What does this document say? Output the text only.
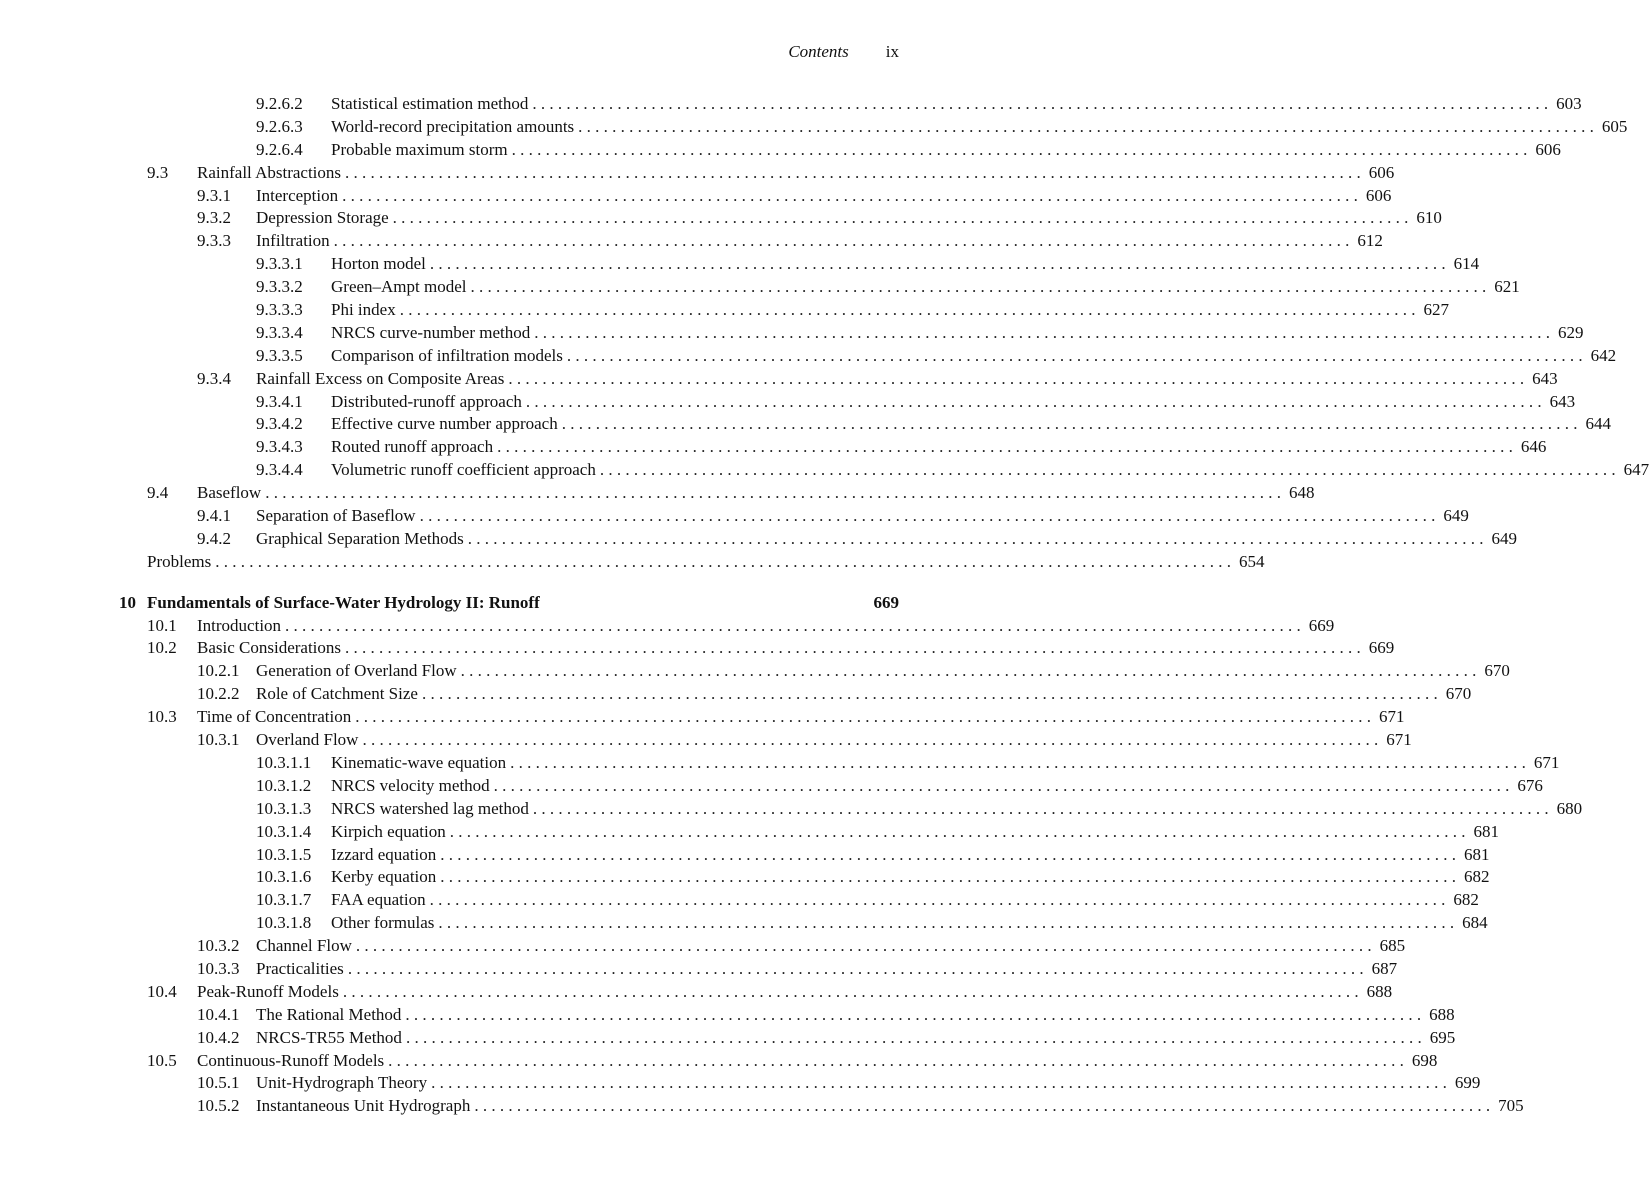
Contents ix
9.2.6.2 Statistical estimation method . . . . . . . . . . . . . . . . . . . . . . . . . . . . . . . . . . . . . . . . . . . . . . . . . . . . . . . . . . . . . . . . . . . . . . . . . . . . . . . . . . . . . . . . . . . . . . . . . . . . . . . . . . . . . . . . . . . . . . . . 603
9.2.6.3 World-record precipitation amounts . . . . . . . . . . . . . . . . . . . . . . . . . . . . . . . . . . . . . . . . . . . . . . . . . . . . . . . . . . . . . . . . . . . . . . . . . . . . . . . . . . . . . . . . . . . . . . . . . . . . . . . . . . . . . . . . . . . . . . . . 605
9.2.6.4 Probable maximum storm . . . . . . . . . . . . . . . . . . . . . . . . . . . . . . . . . . . . . . . . . . . . . . . . . . . . . . . . . . . . . . . . . . . . . . . . . . . . . . . . . . . . . . . . . . . . . . . . . . . . . . . . . . . . . . . . . . . . . . . . 606
9.3 Rainfall Abstractions . . . . . . . . . . . . . . . . . . . . . . . . . . . . . . . . . . . . . . . . . . . . . . . . . . . . . . . . . . . . . . . . . . . . . . . . . . . . . . . . . . . . . . . . . . . . . . . . . . . . . . . . . . . . . . . . . . . . . . . . 606
9.3.1 Interception . . . . . . . . . . . . . . . . . . . . . . . . . . . . . . . . . . . . . . . . . . . . . . . . . . . . . . . . . . . . . . . . . . . . . . . . . . . . . . . . . . . . . . . . . . . . . . . . . . . . . . . . . . . . . . . . . . . . . . . . 606
9.3.2 Depression Storage . . . . . . . . . . . . . . . . . . . . . . . . . . . . . . . . . . . . . . . . . . . . . . . . . . . . . . . . . . . . . . . . . . . . . . . . . . . . . . . . . . . . . . . . . . . . . . . . . . . . . . . . . . . . . . . . . . . . . . . . 610
9.3.3 Infiltration . . . . . . . . . . . . . . . . . . . . . . . . . . . . . . . . . . . . . . . . . . . . . . . . . . . . . . . . . . . . . . . . . . . . . . . . . . . . . . . . . . . . . . . . . . . . . . . . . . . . . . . . . . . . . . . . . . . . . . . . 612
9.3.3.1 Horton model . . . . . . . . . . . . . . . . . . . . . . . . . . . . . . . . . . . . . . . . . . . . . . . . . . . . . . . . . . . . . . . . . . . . . . . . . . . . . . . . . . . . . . . . . . . . . . . . . . . . . . . . . . . . . . . . . . . . . . . . 614
9.3.3.2 Green–Ampt model . . . . . . . . . . . . . . . . . . . . . . . . . . . . . . . . . . . . . . . . . . . . . . . . . . . . . . . . . . . . . . . . . . . . . . . . . . . . . . . . . . . . . . . . . . . . . . . . . . . . . . . . . . . . . . . . . . . . . . . . 621
9.3.3.3 Phi index . . . . . . . . . . . . . . . . . . . . . . . . . . . . . . . . . . . . . . . . . . . . . . . . . . . . . . . . . . . . . . . . . . . . . . . . . . . . . . . . . . . . . . . . . . . . . . . . . . . . . . . . . . . . . . . . . . . . . . . . 627
9.3.3.4 NRCS curve-number method . . . . . . . . . . . . . . . . . . . . . . . . . . . . . . . . . . . . . . . . . . . . . . . . . . . . . . . . . . . . . . . . . . . . . . . . . . . . . . . . . . . . . . . . . . . . . . . . . . . . . . . . . . . . . . . . . . . . . . . . 629
9.3.3.5 Comparison of infiltration models . . . . . . . . . . . . . . . . . . . . . . . . . . . . . . . . . . . . . . . . . . . . . . . . . . . . . . . . . . . . . . . . . . . . . . . . . . . . . . . . . . . . . . . . . . . . . . . . . . . . . . . . . . . . . . . . . . . . . . . . 642
9.3.4 Rainfall Excess on Composite Areas . . . . . . . . . . . . . . . . . . . . . . . . . . . . . . . . . . . . . . . . . . . . . . . . . . . . . . . . . . . . . . . . . . . . . . . . . . . . . . . . . . . . . . . . . . . . . . . . . . . . . . . . . . . . . . . . . . . . . . . . 643
9.3.4.1 Distributed-runoff approach . . . . . . . . . . . . . . . . . . . . . . . . . . . . . . . . . . . . . . . . . . . . . . . . . . . . . . . . . . . . . . . . . . . . . . . . . . . . . . . . . . . . . . . . . . . . . . . . . . . . . . . . . . . . . . . . . . . . . . . . 643
9.3.4.2 Effective curve number approach . . . . . . . . . . . . . . . . . . . . . . . . . . . . . . . . . . . . . . . . . . . . . . . . . . . . . . . . . . . . . . . . . . . . . . . . . . . . . . . . . . . . . . . . . . . . . . . . . . . . . . . . . . . . . . . . . . . . . . . . 644
9.3.4.3 Routed runoff approach . . . . . . . . . . . . . . . . . . . . . . . . . . . . . . . . . . . . . . . . . . . . . . . . . . . . . . . . . . . . . . . . . . . . . . . . . . . . . . . . . . . . . . . . . . . . . . . . . . . . . . . . . . . . . . . . . . . . . . . . 646
9.3.4.4 Volumetric runoff coefficient approach . . . . . . . . . . . . . . . . . . . . . . . . . . . . . . . . . . . . . . . . . . . . . . . . . . . . . . . . . . . . . . . . . . . . . . . . . . . . . . . . . . . . . . . . . . . . . . . . . . . . . . . . . . . . . . . . . . . . . . . . 647
9.4 Baseflow . . . . . . . . . . . . . . . . . . . . . . . . . . . . . . . . . . . . . . . . . . . . . . . . . . . . . . . . . . . . . . . . . . . . . . . . . . . . . . . . . . . . . . . . . . . . . . . . . . . . . . . . . . . . . . . . . . . . . . . . 648
9.4.1 Separation of Baseflow . . . . . . . . . . . . . . . . . . . . . . . . . . . . . . . . . . . . . . . . . . . . . . . . . . . . . . . . . . . . . . . . . . . . . . . . . . . . . . . . . . . . . . . . . . . . . . . . . . . . . . . . . . . . . . . . . . . . . . . . 649
9.4.2 Graphical Separation Methods . . . . . . . . . . . . . . . . . . . . . . . . . . . . . . . . . . . . . . . . . . . . . . . . . . . . . . . . . . . . . . . . . . . . . . . . . . . . . . . . . . . . . . . . . . . . . . . . . . . . . . . . . . . . . . . . . . . . . . . . 649
Problems . . . . . . . . . . . . . . . . . . . . . . . . . . . . . . . . . . . . . . . . . . . . . . . . . . . . . . . . . . . . . . . . . . . . . . . . . . . . . . . . . . . . . . . . . . . . . . . . . . . . . . . . . . . . . . . . . . . . . . . . 654
10 Fundamentals of Surface-Water Hydrology II: Runoff	669
10.1 Introduction . . . . . . . . . . . . . . . . . . . . . . . . . . . . . . . . . . . . . . . . . . . . . . . . . . . . . . . . . . . . . . . . . . . . . . . . . . . . . . . . . . . . . . . . . . . . . . . . . . . . . . . . . . . . . . . . . . . . . . . . 669
10.2 Basic Considerations . . . . . . . . . . . . . . . . . . . . . . . . . . . . . . . . . . . . . . . . . . . . . . . . . . . . . . . . . . . . . . . . . . . . . . . . . . . . . . . . . . . . . . . . . . . . . . . . . . . . . . . . . . . . . . . . . . . . . . . . 669
10.2.1 Generation of Overland Flow . . . . . . . . . . . . . . . . . . . . . . . . . . . . . . . . . . . . . . . . . . . . . . . . . . . . . . . . . . . . . . . . . . . . . . . . . . . . . . . . . . . . . . . . . . . . . . . . . . . . . . . . . . . . . . . . . . . . . . . . 670
10.2.2 Role of Catchment Size . . . . . . . . . . . . . . . . . . . . . . . . . . . . . . . . . . . . . . . . . . . . . . . . . . . . . . . . . . . . . . . . . . . . . . . . . . . . . . . . . . . . . . . . . . . . . . . . . . . . . . . . . . . . . . . . . . . . . . . . 670
10.3 Time of Concentration . . . . . . . . . . . . . . . . . . . . . . . . . . . . . . . . . . . . . . . . . . . . . . . . . . . . . . . . . . . . . . . . . . . . . . . . . . . . . . . . . . . . . . . . . . . . . . . . . . . . . . . . . . . . . . . . . . . . . . . . 671
10.3.1 Overland Flow . . . . . . . . . . . . . . . . . . . . . . . . . . . . . . . . . . . . . . . . . . . . . . . . . . . . . . . . . . . . . . . . . . . . . . . . . . . . . . . . . . . . . . . . . . . . . . . . . . . . . . . . . . . . . . . . . . . . . . . . 671
10.3.1.1 Kinematic-wave equation . . . . . . . . . . . . . . . . . . . . . . . . . . . . . . . . . . . . . . . . . . . . . . . . . . . . . . . . . . . . . . . . . . . . . . . . . . . . . . . . . . . . . . . . . . . . . . . . . . . . . . . . . . . . . . . . . . . . . . . . 671
10.3.1.2 NRCS velocity method . . . . . . . . . . . . . . . . . . . . . . . . . . . . . . . . . . . . . . . . . . . . . . . . . . . . . . . . . . . . . . . . . . . . . . . . . . . . . . . . . . . . . . . . . . . . . . . . . . . . . . . . . . . . . . . . . . . . . . . . 676
10.3.1.3 NRCS watershed lag method . . . . . . . . . . . . . . . . . . . . . . . . . . . . . . . . . . . . . . . . . . . . . . . . . . . . . . . . . . . . . . . . . . . . . . . . . . . . . . . . . . . . . . . . . . . . . . . . . . . . . . . . . . . . . . . . . . . . . . . . 680
10.3.1.4 Kirpich equation . . . . . . . . . . . . . . . . . . . . . . . . . . . . . . . . . . . . . . . . . . . . . . . . . . . . . . . . . . . . . . . . . . . . . . . . . . . . . . . . . . . . . . . . . . . . . . . . . . . . . . . . . . . . . . . . . . . . . . . . 681
10.3.1.5 Izzard equation . . . . . . . . . . . . . . . . . . . . . . . . . . . . . . . . . . . . . . . . . . . . . . . . . . . . . . . . . . . . . . . . . . . . . . . . . . . . . . . . . . . . . . . . . . . . . . . . . . . . . . . . . . . . . . . . . . . . . . . . 681
10.3.1.6 Kerby equation . . . . . . . . . . . . . . . . . . . . . . . . . . . . . . . . . . . . . . . . . . . . . . . . . . . . . . . . . . . . . . . . . . . . . . . . . . . . . . . . . . . . . . . . . . . . . . . . . . . . . . . . . . . . . . . . . . . . . . . . 682
10.3.1.7 FAA equation . . . . . . . . . . . . . . . . . . . . . . . . . . . . . . . . . . . . . . . . . . . . . . . . . . . . . . . . . . . . . . . . . . . . . . . . . . . . . . . . . . . . . . . . . . . . . . . . . . . . . . . . . . . . . . . . . . . . . . . . 682
10.3.1.8 Other formulas . . . . . . . . . . . . . . . . . . . . . . . . . . . . . . . . . . . . . . . . . . . . . . . . . . . . . . . . . . . . . . . . . . . . . . . . . . . . . . . . . . . . . . . . . . . . . . . . . . . . . . . . . . . . . . . . . . . . . . . . 684
10.3.2 Channel Flow . . . . . . . . . . . . . . . . . . . . . . . . . . . . . . . . . . . . . . . . . . . . . . . . . . . . . . . . . . . . . . . . . . . . . . . . . . . . . . . . . . . . . . . . . . . . . . . . . . . . . . . . . . . . . . . . . . . . . . . . 685
10.3.3 Practicalities . . . . . . . . . . . . . . . . . . . . . . . . . . . . . . . . . . . . . . . . . . . . . . . . . . . . . . . . . . . . . . . . . . . . . . . . . . . . . . . . . . . . . . . . . . . . . . . . . . . . . . . . . . . . . . . . . . . . . . . . 687
10.4 Peak-Runoff Models . . . . . . . . . . . . . . . . . . . . . . . . . . . . . . . . . . . . . . . . . . . . . . . . . . . . . . . . . . . . . . . . . . . . . . . . . . . . . . . . . . . . . . . . . . . . . . . . . . . . . . . . . . . . . . . . . . . . . . . . 688
10.4.1 The Rational Method . . . . . . . . . . . . . . . . . . . . . . . . . . . . . . . . . . . . . . . . . . . . . . . . . . . . . . . . . . . . . . . . . . . . . . . . . . . . . . . . . . . . . . . . . . . . . . . . . . . . . . . . . . . . . . . . . . . . . . . . 688
10.4.2 NRCS-TR55 Method . . . . . . . . . . . . . . . . . . . . . . . . . . . . . . . . . . . . . . . . . . . . . . . . . . . . . . . . . . . . . . . . . . . . . . . . . . . . . . . . . . . . . . . . . . . . . . . . . . . . . . . . . . . . . . . . . . . . . . . . 695
10.5 Continuous-Runoff Models . . . . . . . . . . . . . . . . . . . . . . . . . . . . . . . . . . . . . . . . . . . . . . . . . . . . . . . . . . . . . . . . . . . . . . . . . . . . . . . . . . . . . . . . . . . . . . . . . . . . . . . . . . . . . . . . . . . . . . . . 698
10.5.1 Unit-Hydrograph Theory . . . . . . . . . . . . . . . . . . . . . . . . . . . . . . . . . . . . . . . . . . . . . . . . . . . . . . . . . . . . . . . . . . . . . . . . . . . . . . . . . . . . . . . . . . . . . . . . . . . . . . . . . . . . . . . . . . . . . . . . 699
10.5.2 Instantaneous Unit Hydrograph . . . . . . . . . . . . . . . . . . . . . . . . . . . . . . . . . . . . . . . . . . . . . . . . . . . . . . . . . . . . . . . . . . . . . . . . . . . . . . . . . . . . . . . . . . . . . . . . . . . . . . . . . . . . . . . . . . . . . . . . 705
